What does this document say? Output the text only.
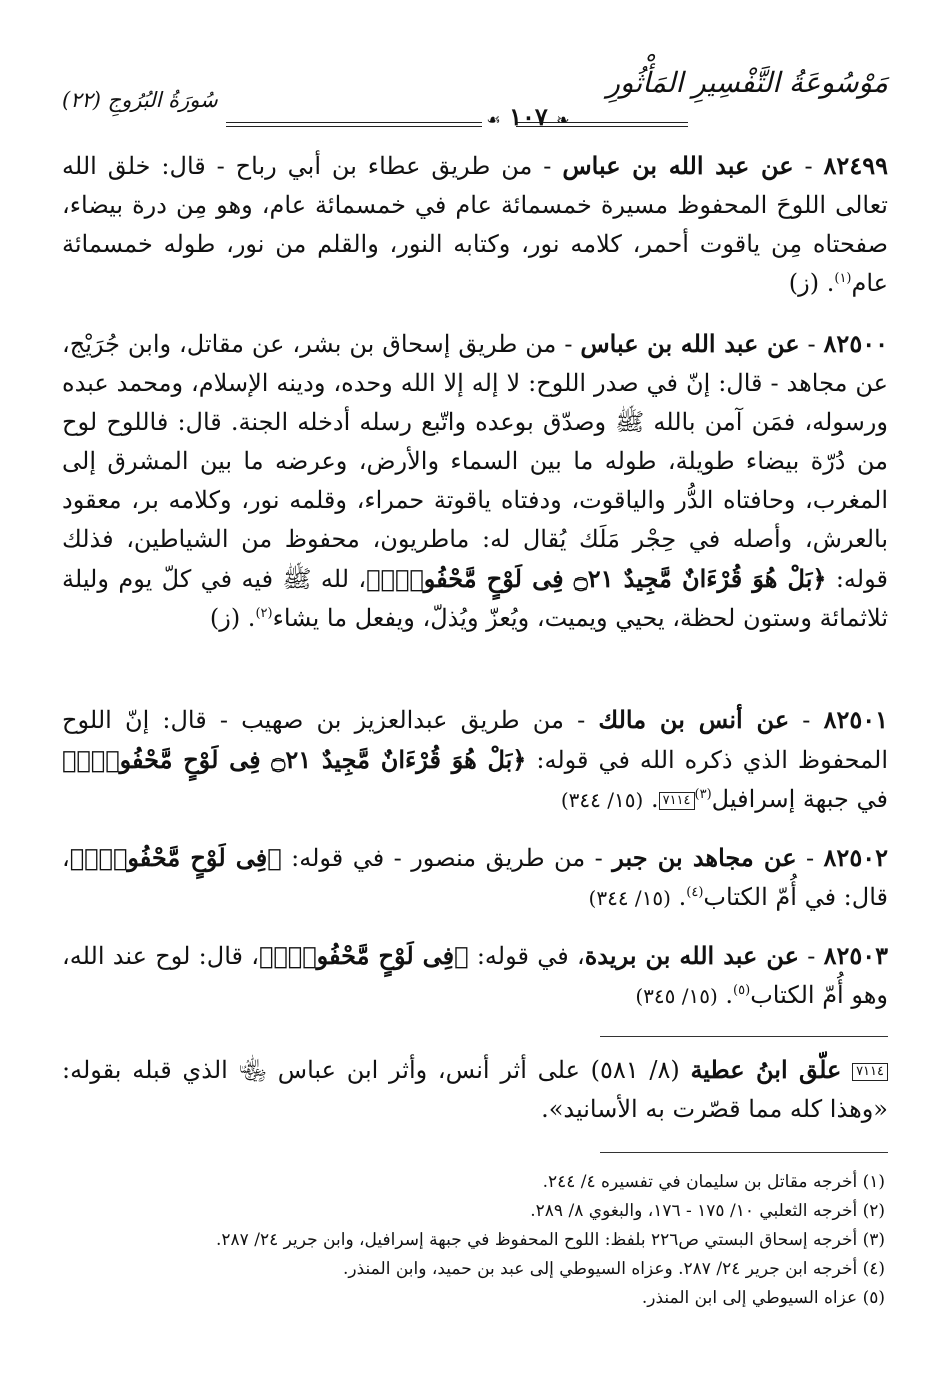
مَوْسُوعَةُ التَّفْسِيرِ المَأْثُورِ
❧ ١٠٧ ☙
سُورَةُ البُرُوجِ (٢٢)
٨٢٤٩٩ - عن عبد الله بن عباس - من طريق عطاء بن أبي رباح - قال: خلق الله تعالى اللوحَ المحفوظ مسيرة خمسمائة عام في خمسمائة عام، وهو مِن درة بيضاء، صفحتاه مِن ياقوت أحمر، كلامه نور، وكتابه النور، والقلم من نور، طوله خمسمائة عام$^{(١)}$. (ز)
٨٢٥٠٠ - عن عبد الله بن عباس - من طريق إسحاق بن بشر، عن مقاتل، وابن جُرَيْج، عن مجاهد - قال: إنّ في صدر اللوح: لا إله إلا الله وحده، ودينه الإسلام، ومحمد عبده ورسوله، فمَن آمن بالله ﷺ وصدّق بوعده واتّبع رسله أدخله الجنة. قال: فاللوح لوح من دُرّة بيضاء طويلة، طوله ما بين السماء والأرض، وعرضه ما بين المشرق إلى المغرب، وحافتاه الدُّر والياقوت، ودفتاه ياقوتة حمراء، وقلمه نور، وكلامه بر، معقود بالعرش، وأصله في حِجْر مَلَك يُقال له: ماطريون، محفوظ من الشياطين، فذلك قوله: ﴿بَلْ هُوَ قُرْءَانٌ مَّجِيدٌ ۝٢١ فِى لَوْحٍ مَّحْفُوظٍۭ﴾، لله ﷺ فيه في كلّ يوم وليلة ثلاثمائة وستون لحظة، يحيي ويميت، ويُعزّ ويُذلّ، ويفعل ما يشاء$^{(٢)}$. (ز)
٨٢٥٠١ - عن أنس بن مالك - من طريق عبدالعزيز بن صهيب - قال: إنّ اللوح المحفوظ الذي ذكره الله في قوله: ﴿بَلْ هُوَ قُرْءَانٌ مَّجِيدٌ ۝٢١ فِى لَوْحٍ مَّحْفُوظٍۭ﴾ في جبهة إسرافيل$^{(٣)}$٧١١٤. (١٥/ ٣٤٤)
٨٢٥٠٢ - عن مجاهد بن جبر - من طريق منصور - في قوله: ﴿فِى لَوْحٍ مَّحْفُوظٍۭ﴾، قال: في أُمّ الكتاب$^{(٤)}$. (١٥/ ٣٤٤)
٨٢٥٠٣ - عن عبد الله بن بريدة، في قوله: ﴿فِى لَوْحٍ مَّحْفُوظٍۭ﴾، قال: لوح عند الله، وهو أُمّ الكتاب$^{(٥)}$. (١٥/ ٣٤٥)
٧١١٤ علّق ابنُ عطية (٨/ ٥٨١) على أثر أنس، وأثر ابن عباس ﵄ الذي قبله بقوله: «وهذا كله مما قصّرت به الأسانيد».
(١) أخرجه مقاتل بن سليمان في تفسيره ٤/ ٢٤٤.
(٢) أخرجه الثعلبي ١٠/ ١٧٥ - ١٧٦، والبغوي ٨/ ٢٨٩.
(٣) أخرجه إسحاق البستي ص٢٢٦ بلفظ: اللوح المحفوظ في جبهة إسرافيل، وابن جرير ٢٤/ ٢٨٧.
(٤) أخرجه ابن جرير ٢٤/ ٢٨٧. وعزاه السيوطي إلى عبد بن حميد، وابن المنذر.
(٥) عزاه السيوطي إلى ابن المنذر.
